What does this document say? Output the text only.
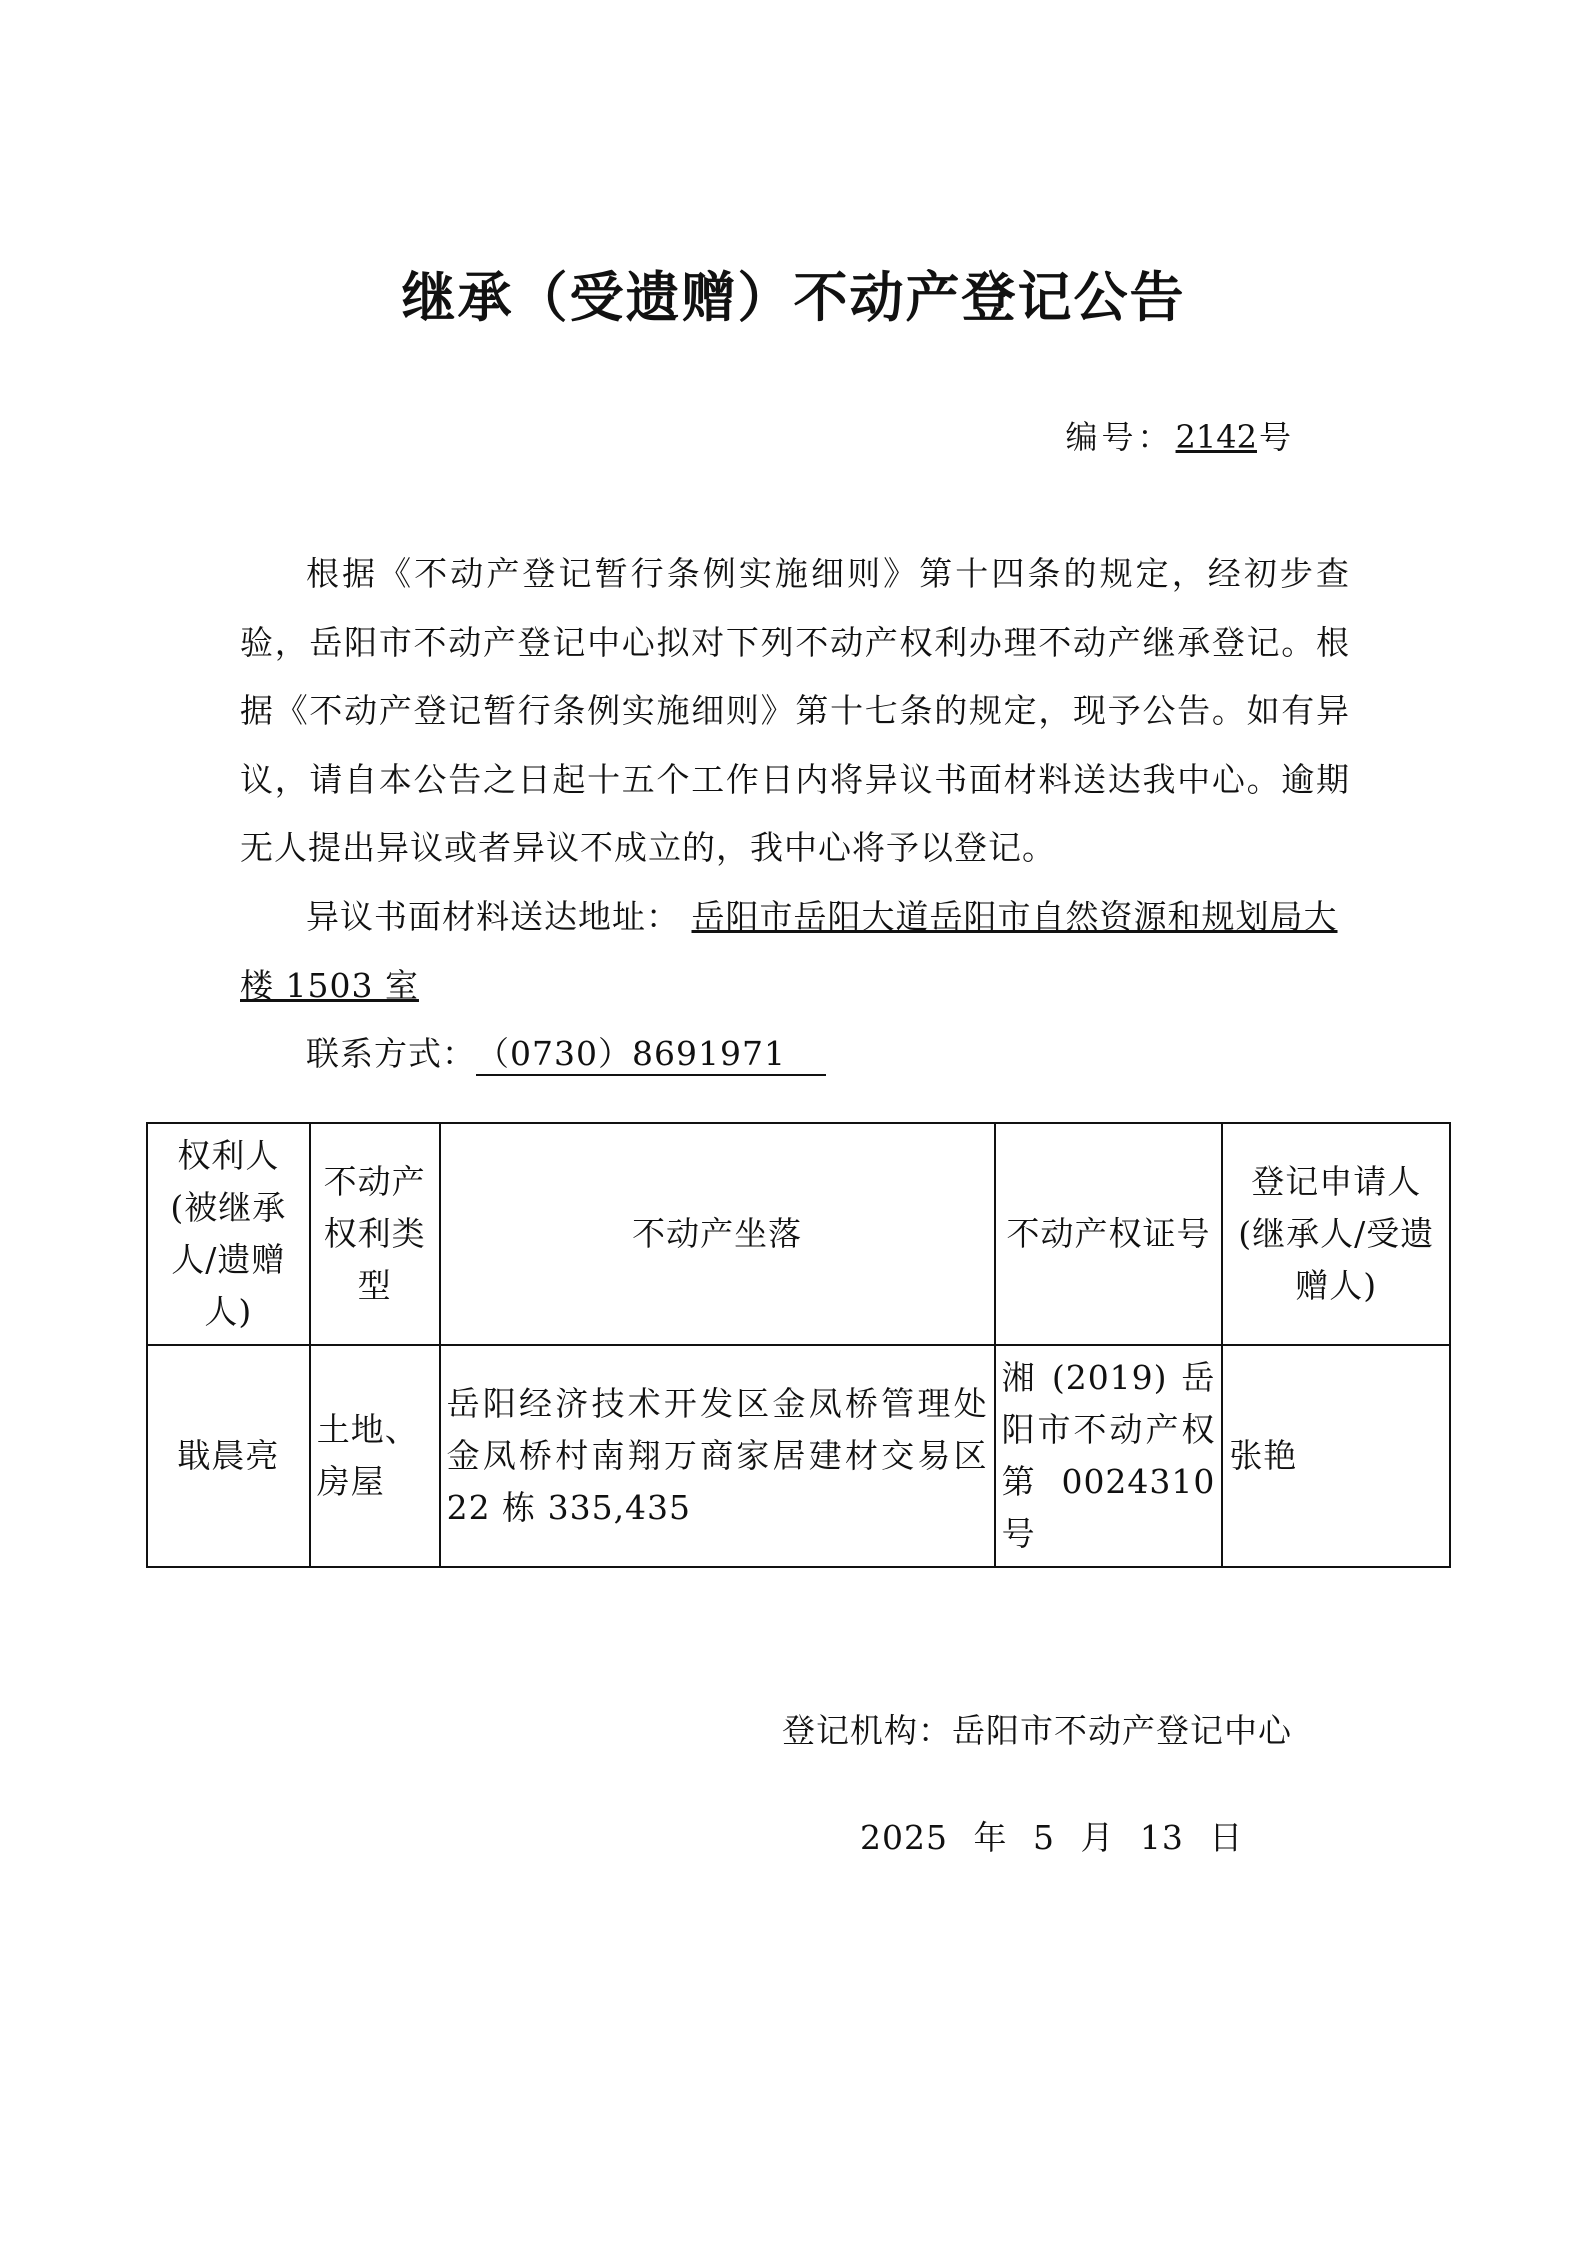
继承（受遗赠）不动产登记公告
编号：2142号

根据《不动产登记暂行条例实施细则》第十四条的规定，经初步查验，岳阳市不动产登记中心拟对下列不动产权利办理不动产继承登记。根据《不动产登记暂行条例实施细则》第十七条的规定，现予公告。如有异议，请自本公告之日起十五个工作日内将异议书面材料送达我中心。逾期无人提出异议或者异议不成立的，我中心将予以登记。

异议书面材料送达地址： 岳阳市岳阳大道岳阳市自然资源和规划局大楼 1503 室

联系方式：（0730）8691971

权利人(被继承人/遗赠人)	不动产权利类型	不动产坐落	不动产权证号	登记申请人(继承人/受遗赠人)
戢晨亮	土地、房屋	岳阳经济技术开发区金凤桥管理处金凤桥村南翔万商家居建材交易区 22 栋 335,435	湘 (2019) 岳阳市不动产权第 0024310 号	张艳
登记机构：岳阳市不动产登记中心
2025 年 5 月 13 日
